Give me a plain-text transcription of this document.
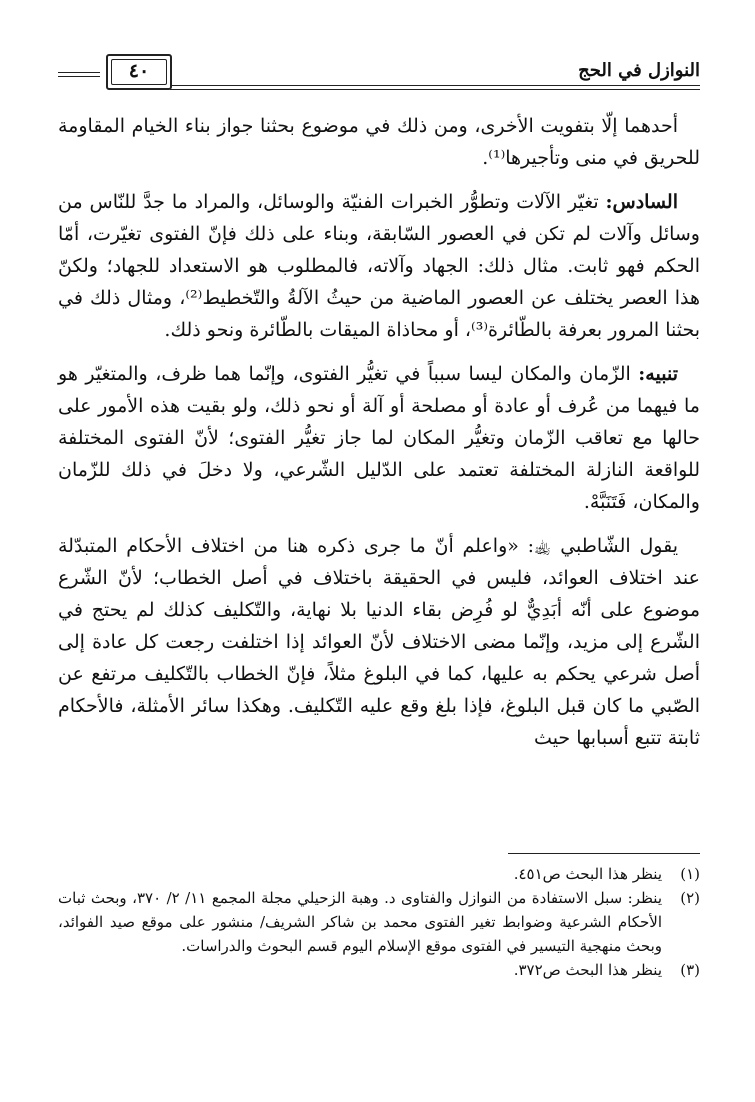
٤٠	النوازل في الحج

أحدهما إلّا بتفويت الأخرى، ومن ذلك في موضوع بحثنا جواز بناء الخيام المقاومة للحريق في منى وتأجيرها⁽¹⁾.

السادس: تغيّر الآلات وتطوُّر الخبرات الفنيّة والوسائل، والمراد ما جدَّ للنّاس من وسائل وآلات لم تكن في العصور السّابقة، وبناء على ذلك فإنّ الفتوى تغيّرت، أمّا الحكم فهو ثابت. مثال ذلك: الجهاد وآلاته، فالمطلوب هو الاستعداد للجهاد؛ ولكنّ هذا العصر يختلف عن العصور الماضية من حيثُ الآلةُ والتّخطيط⁽²⁾، ومثال ذلك في بحثنا المرور بعرفة بالطّائرة⁽³⁾، أو محاذاة الميقات بالطّائرة ونحو ذلك.

تنبيه: الزّمان والمكان ليسا سبباً في تغيُّر الفتوى، وإنّما هما ظرف، والمتغيّر هو ما فيهما من عُرف أو عادة أو مصلحة أو آلة أو نحو ذلك، ولو بقيت هذه الأمور على حالها مع تعاقب الزّمان وتغيُّر المكان لما جاز تغيُّر الفتوى؛ لأنّ الفتوى المختلفة للواقعة النازلة المختلفة تعتمد على الدّليل الشّرعي، ولا دخلَ في ذلك للزّمان والمكان، فَتَنَبَّهْ.

يقول الشّاطبي ﵀: «واعلم أنّ ما جرى ذكره هنا من اختلاف الأحكام المتبدّلة عند اختلاف العوائد، فليس في الحقيقة باختلاف في أصل الخطاب؛ لأنّ الشّرع موضوع على أنّه أبَدِيٌّ لو فُرِض بقاء الدنيا بلا نهاية، والتّكليف كذلك لم يحتج في الشّرع إلى مزيد، وإنّما مضى الاختلاف لأنّ العوائد إذا اختلفت رجعت كل عادة إلى أصل شرعي يحكم به عليها، كما في البلوغ مثلاً، فإنّ الخطاب بالتّكليف مرتفع عن الصّبي ما كان قبل البلوغ، فإذا بلغ وقع عليه التّكليف. وهكذا سائر الأمثلة، فالأحكام ثابتة تتبع أسبابها حيث

(١)
ينظر هذا البحث ص٤٥١.
(٢)
ينظر: سبل الاستفادة من النوازل والفتاوى د. وهبة الزحيلي مجلة المجمع ١١/ ٢/ ٣٧٠، وبحث ثبات الأحكام الشرعية وضوابط تغير الفتوى محمد بن شاكر الشريف/ منشور على موقع صيد الفوائد، وبحث منهجية التيسير في الفتوى موقع الإسلام اليوم قسم البحوث والدراسات.
(٣)
ينظر هذا البحث ص٣٧٢.
